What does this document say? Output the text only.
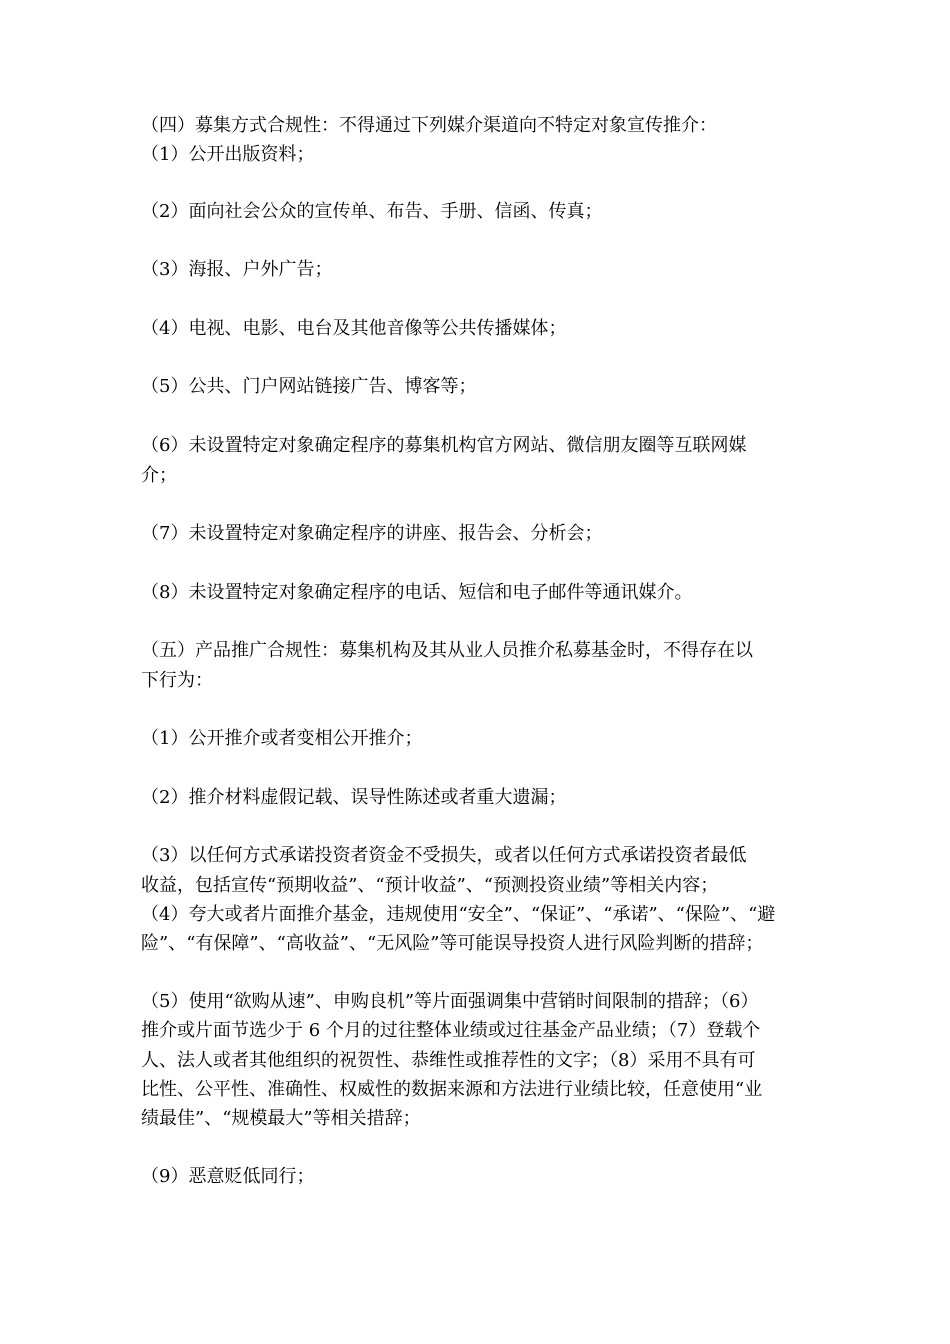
（四）募集方式合规性：不得通过下列媒介渠道向不特定对象宣传推介：
（1）公开出版资料；
（2）面向社会公众的宣传单、布告、手册、信函、传真；
（3）海报、户外广告；
（4）电视、电影、电台及其他音像等公共传播媒体；
（5）公共、门户网站链接广告、博客等；
（6）未设置特定对象确定程序的募集机构官方网站、微信朋友圈等互联网媒
介；
（7）未设置特定对象确定程序的讲座、报告会、分析会；
（8）未设置特定对象确定程序的电话、短信和电子邮件等通讯媒介。
（五）产品推广合规性：募集机构及其从业人员推介私募基金时，不得存在以
下行为：
（1）公开推介或者变相公开推介；
（2）推介材料虚假记载、误导性陈述或者重大遗漏；
（3）以任何方式承诺投资者资金不受损失，或者以任何方式承诺投资者最低
收益，包括宣传“预期收益”、“预计收益”、“预测投资业绩”等相关内容；
（4）夸大或者片面推介基金，违规使用“安全”、“保证”、“承诺”、“保险”、“避
险”、“有保障”、“高收益”、“无风险”等可能误导投资人进行风险判断的措辞；
（5）使用“欲购从速”、申购良机”等片面强调集中营销时间限制的措辞；（6）
推介或片面节选少于 6 个月的过往整体业绩或过往基金产品业绩；（7）登载个
人、法人或者其他组织的祝贺性、恭维性或推荐性的文字；（8）采用不具有可
比性、公平性、准确性、权威性的数据来源和方法进行业绩比较，任意使用“业
绩最佳”、“规模最大”等相关措辞；
（9）恶意贬低同行；
